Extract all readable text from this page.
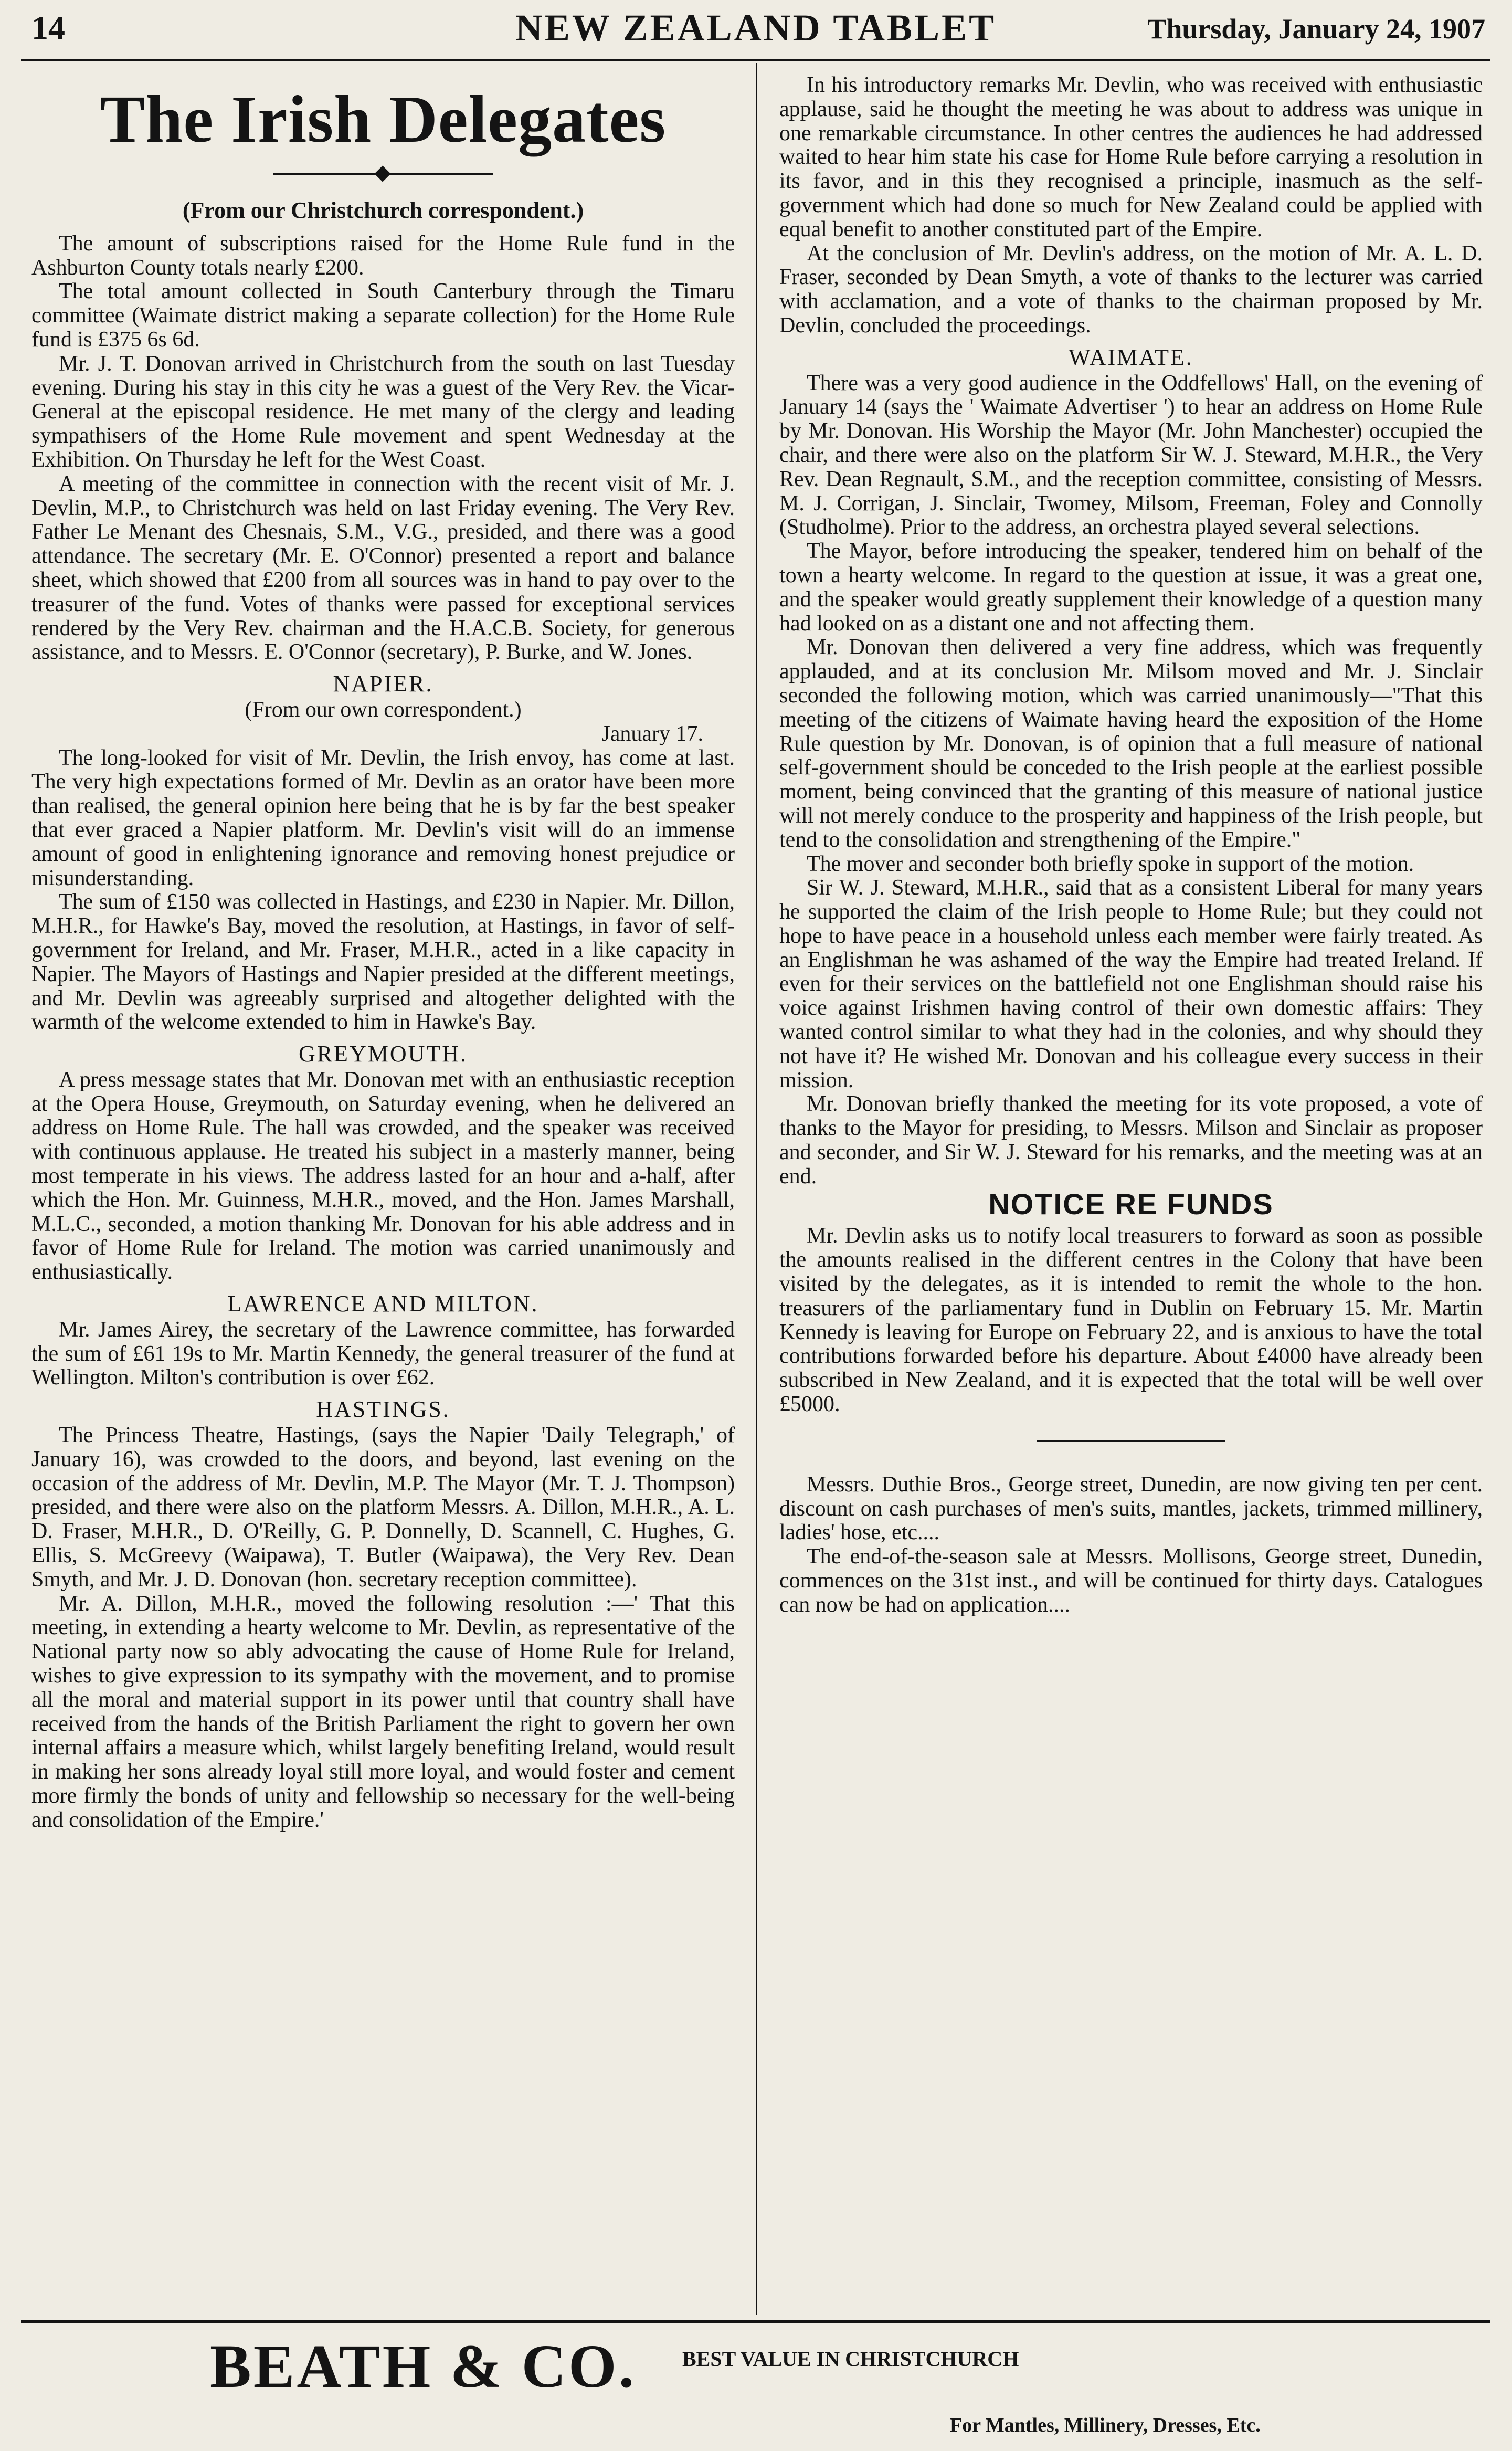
14	NEW ZEALAND TABLET	Thursday, January 24, 1907
The Irish Delegates
(From our Christchurch correspondent.)

The amount of subscriptions raised for the Home Rule fund in the Ashburton County totals nearly £200.

The total amount collected in South Canterbury through the Timaru committee (Waimate district making a separate collection) for the Home Rule fund is £375 6s 6d.

Mr. J. T. Donovan arrived in Christchurch from the south on last Tuesday evening. During his stay in this city he was a guest of the Very Rev. the Vicar-General at the episcopal residence. He met many of the clergy and leading sympathisers of the Home Rule movement and spent Wednesday at the Exhibition. On Thursday he left for the West Coast.

A meeting of the committee in connection with the recent visit of Mr. J. Devlin, M.P., to Christchurch was held on last Friday evening. The Very Rev. Father Le Menant des Chesnais, S.M., V.G., presided, and there was a good attendance. The secretary (Mr. E. O'Connor) presented a report and balance sheet, which showed that £200 from all sources was in hand to pay over to the treasurer of the fund. Votes of thanks were passed for exceptional services rendered by the Very Rev. chairman and the H.A.C.B. Society, for generous assistance, and to Messrs. E. O'Connor (secretary), P. Burke, and W. Jones.

NAPIER.
(From our own correspondent.)
January 17.

The long-looked for visit of Mr. Devlin, the Irish envoy, has come at last. The very high expectations formed of Mr. Devlin as an orator have been more than realised, the general opinion here being that he is by far the best speaker that ever graced a Napier platform. Mr. Devlin's visit will do an immense amount of good in enlightening ignorance and removing honest prejudice or misunderstanding.

The sum of £150 was collected in Hastings, and £230 in Napier. Mr. Dillon, M.H.R., for Hawke's Bay, moved the resolution, at Hastings, in favor of self-government for Ireland, and Mr. Fraser, M.H.R., acted in a like capacity in Napier. The Mayors of Hastings and Napier presided at the different meetings, and Mr. Devlin was agreeably surprised and altogether delighted with the warmth of the welcome extended to him in Hawke's Bay.

GREYMOUTH.

A press message states that Mr. Donovan met with an enthusiastic reception at the Opera House, Greymouth, on Saturday evening, when he delivered an address on Home Rule. The hall was crowded, and the speaker was received with continuous applause. He treated his subject in a masterly manner, being most temperate in his views. The address lasted for an hour and a-half, after which the Hon. Mr. Guinness, M.H.R., moved, and the Hon. James Marshall, M.L.C., seconded, a motion thanking Mr. Donovan for his able address and in favor of Home Rule for Ireland. The motion was carried unanimously and enthusiastically.

LAWRENCE AND MILTON.

Mr. James Airey, the secretary of the Lawrence committee, has forwarded the sum of £61 19s to Mr. Martin Kennedy, the general treasurer of the fund at Wellington. Milton's contribution is over £62.

HASTINGS.

The Princess Theatre, Hastings, (says the Napier 'Daily Telegraph,' of January 16), was crowded to the doors, and beyond, last evening on the occasion of the address of Mr. Devlin, M.P. The Mayor (Mr. T. J. Thompson) presided, and there were also on the platform Messrs. A. Dillon, M.H.R., A. L. D. Fraser, M.H.R., D. O'Reilly, G. P. Donnelly, D. Scannell, C. Hughes, G. Ellis, S. McGreevy (Waipawa), T. Butler (Waipawa), the Very Rev. Dean Smyth, and Mr. J. D. Donovan (hon. secretary reception committee).

Mr. A. Dillon, M.H.R., moved the following resolution :—' That this meeting, in extending a hearty welcome to Mr. Devlin, as representative of the National party now so ably advocating the cause of Home Rule for Ireland, wishes to give expression to its sympathy with the movement, and to promise all the moral and material support in its power until that country shall have received from the hands of the British Parliament the right to govern her own internal affairs a measure which, whilst largely benefiting Ireland, would result in making her sons already loyal still more loyal, and would foster and cement more firmly the bonds of unity and fellowship so necessary for the well-being and consolidation of the Empire.'

In his introductory remarks Mr. Devlin, who was received with enthusiastic applause, said he thought the meeting he was about to address was unique in one remarkable circumstance. In other centres the audiences he had addressed waited to hear him state his case for Home Rule before carrying a resolution in its favor, and in this they recognised a principle, inasmuch as the self-government which had done so much for New Zealand could be applied with equal benefit to another constituted part of the Empire.

At the conclusion of Mr. Devlin's address, on the motion of Mr. A. L. D. Fraser, seconded by Dean Smyth, a vote of thanks to the lecturer was carried with acclamation, and a vote of thanks to the chairman proposed by Mr. Devlin, concluded the proceedings.

WAIMATE.

There was a very good audience in the Oddfellows' Hall, on the evening of January 14 (says the ' Waimate Advertiser ') to hear an address on Home Rule by Mr. Donovan. His Worship the Mayor (Mr. John Manchester) occupied the chair, and there were also on the platform Sir W. J. Steward, M.H.R., the Very Rev. Dean Regnault, S.M., and the reception committee, consisting of Messrs. M. J. Corrigan, J. Sinclair, Twomey, Milsom, Freeman, Foley and Connolly (Studholme). Prior to the address, an orchestra played several selections.

The Mayor, before introducing the speaker, tendered him on behalf of the town a hearty welcome. In regard to the question at issue, it was a great one, and the speaker would greatly supplement their knowledge of a question many had looked on as a distant one and not affecting them.

Mr. Donovan then delivered a very fine address, which was frequently applauded, and at its conclusion Mr. Milsom moved and Mr. J. Sinclair seconded the following motion, which was carried unanimously—"That this meeting of the citizens of Waimate having heard the exposition of the Home Rule question by Mr. Donovan, is of opinion that a full measure of national self-government should be conceded to the Irish people at the earliest possible moment, being convinced that the granting of this measure of national justice will not merely conduce to the prosperity and happiness of the Irish people, but tend to the consolidation and strengthening of the Empire."

The mover and seconder both briefly spoke in support of the motion.

Sir W. J. Steward, M.H.R., said that as a consistent Liberal for many years he supported the claim of the Irish people to Home Rule; but they could not hope to have peace in a household unless each member were fairly treated. As an Englishman he was ashamed of the way the Empire had treated Ireland. If even for their services on the battlefield not one Englishman should raise his voice against Irishmen having control of their own domestic affairs: They wanted control similar to what they had in the colonies, and why should they not have it? He wished Mr. Donovan and his colleague every success in their mission.

Mr. Donovan briefly thanked the meeting for its vote proposed, a vote of thanks to the Mayor for presiding, to Messrs. Milson and Sinclair as proposer and seconder, and Sir W. J. Steward for his remarks, and the meeting was at an end.

NOTICE RE FUNDS

Mr. Devlin asks us to notify local treasurers to forward as soon as possible the amounts realised in the different centres in the Colony that have been visited by the delegates, as it is intended to remit the whole to the hon. treasurers of the parliamentary fund in Dublin on February 15. Mr. Martin Kennedy is leaving for Europe on February 22, and is anxious to have the total contributions forwarded before his departure. About £4000 have already been subscribed in New Zealand, and it is expected that the total will be well over £5000.

Messrs. Duthie Bros., George street, Dunedin, are now giving ten per cent. discount on cash purchases of men's suits, mantles, jackets, trimmed millinery, ladies' hose, etc....

The end-of-the-season sale at Messrs. Mollisons, George street, Dunedin, commences on the 31st inst., and will be continued for thirty days. Catalogues can now be had on application....

BEATH & CO. BEST VALUE IN CHRISTCHURCH
For Mantles, Millinery, Dresses, Etc.
